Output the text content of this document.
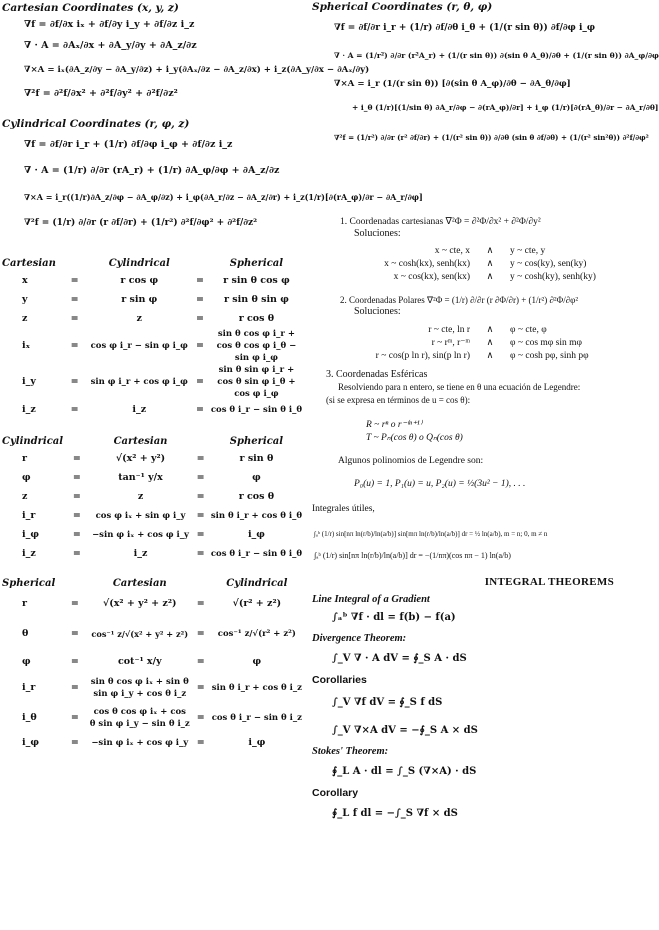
Cartesian Coordinates (x, y, z)

∇f = ∂f/∂x iₓ + ∂f/∂y i_y + ∂f/∂z i_z

∇ · A = ∂Aₓ/∂x + ∂A_y/∂y + ∂A_z/∂z

∇×A = iₓ(∂A_z/∂y − ∂A_y/∂z) + i_y(∂Aₓ/∂z − ∂A_z/∂x) + i_z(∂A_y/∂x − ∂Aₓ/∂y)

∇²f = ∂²f/∂x² + ∂²f/∂y² + ∂²f/∂z²

Cylindrical Coordinates (r, φ, z)

∇f = ∂f/∂r i_r + (1/r) ∂f/∂φ i_φ + ∂f/∂z i_z

∇ · A = (1/r) ∂/∂r (rA_r) + (1/r) ∂A_φ/∂φ + ∂A_z/∂z

∇×A = i_r((1/r)∂A_z/∂φ − ∂A_φ/∂z) + i_φ(∂A_r/∂z − ∂A_z/∂r) + i_z(1/r)[∂(rA_φ)/∂r − ∂A_r/∂φ]

∇²f = (1/r) ∂/∂r (r ∂f/∂r) + (1/r²) ∂²f/∂φ² + ∂²f/∂z²

Cartesian		Cylindrical		Spherical
x	=	r cos φ	=	r sin θ cos φ
y	=	r sin φ	=	r sin θ sin φ
z	=	z	=	r cos θ
iₓ	=	cos φ i_r − sin φ i_φ	=	sin θ cos φ i_r + cos θ cos φ i_θ − sin φ i_φ
i_y	=	sin φ i_r + cos φ i_φ	=	sin θ sin φ i_r + cos θ sin φ i_θ + cos φ i_φ
i_z	=	i_z	=	cos θ i_r − sin θ i_θ
Cylindrical		Cartesian		Spherical
r	=	√(x² + y²)	=	r sin θ
φ	=	tan⁻¹ y/x	=	φ
z	=	z	=	r cos θ
i_r	=	cos φ iₓ + sin φ i_y	=	sin θ i_r + cos θ i_θ
i_φ	=	−sin φ iₓ + cos φ i_y	=	i_φ
i_z	=	i_z	=	cos θ i_r − sin θ i_θ
Spherical		Cartesian		Cylindrical
r	=	√(x² + y² + z²)	=	√(r² + z²)
θ	=	cos⁻¹ z/√(x² + y² + z²)	=	cos⁻¹ z/√(r² + z²)
φ	=	cot⁻¹ x/y	=	φ
i_r	=	sin θ cos φ iₓ + sin θ sin φ i_y + cos θ i_z	=	sin θ i_r + cos θ i_z
i_θ	=	cos θ cos φ iₓ + cos θ sin φ i_y − sin θ i_z	=	cos θ i_r − sin θ i_z
i_φ	=	−sin φ iₓ + cos φ i_y	=	i_φ

Spherical Coordinates (r, θ, φ)

∇f = ∂f/∂r i_r + (1/r) ∂f/∂θ i_θ + (1/(r sin θ)) ∂f/∂φ i_φ

∇ · A = (1/r²) ∂/∂r (r²A_r) + (1/(r sin θ)) ∂(sin θ A_θ)/∂θ + (1/(r sin θ)) ∂A_φ/∂φ

∇×A = i_r (1/(r sin θ)) [∂(sin θ A_φ)/∂θ − ∂A_θ/∂φ]

+ i_θ (1/r)[(1/sin θ) ∂A_r/∂φ − ∂(rA_φ)/∂r] + i_φ (1/r)[∂(rA_θ)/∂r − ∂A_r/∂θ]

∇²f = (1/r²) ∂/∂r (r² ∂f/∂r) + (1/(r² sin θ)) ∂/∂θ (sin θ ∂f/∂θ) + (1/(r² sin²θ)) ∂²f/∂φ²

1. Coordenadas cartesianas ∇²Φ = ∂²Φ/∂x² + ∂²Φ/∂y²

Soluciones:

x ~ cte, x ∧ y ~ cte, y

x ~ cosh(kx), senh(kx) ∧ y ~ cos(ky), sen(ky)

x ~ cos(kx), sen(kx) ∧ y ~ cosh(ky), senh(ky)

2. Coordenadas Polares ∇²Φ = (1/r) ∂/∂r (r ∂Φ/∂r) + (1/r²) ∂²Φ/∂φ²

Soluciones:

r ~ cte, ln r ∧ φ ~ cte, φ

r ~ rᵐ, r⁻ᵐ ∧ φ ~ cos mφ sin mφ

r ~ cos(p ln r), sin(p ln r) ∧ φ ~ cosh pφ, sinh pφ

3. Coordenadas Esféricas

Resolviendo para n entero, se tiene en θ una ecuación de Legendre:

(si se expresa en términos de u = cos θ):

R ~ rⁿ o r⁻⁽ⁿ⁺¹⁾

T ~ Pₙ(cos θ) o Qₙ(cos θ)

Algunos polinomios de Legendre son:

P₀(u) = 1, P₁(u) = u, P₂(u) = ½(3u² − 1), . . .

Integrales útiles,

∫ₐᵇ (1/r) sin[nπ ln(r/b)/ln(a/b)] sin[mπ ln(r/b)/ln(a/b)] dr = ½ ln(a/b), m = n; 0, m ≠ n

∫ₐᵇ (1/r) sin[nπ ln(r/b)/ln(a/b)] dr = −(1/nπ)(cos nπ − 1) ln(a/b)

INTEGRAL THEOREMS

Line Integral of a Gradient

∫ₐᵇ ∇f · dl = f(b) − f(a)

Divergence Theorem:

∫_V ∇ · A dV = ∮_S A · dS

Corollaries

∫_V ∇f dV = ∮_S f dS

∫_V ∇×A dV = −∮_S A × dS

Stokes' Theorem:

∮_L A · dl = ∫_S (∇×A) · dS

Corollary

∮_L f dl = −∫_S ∇f × dS
